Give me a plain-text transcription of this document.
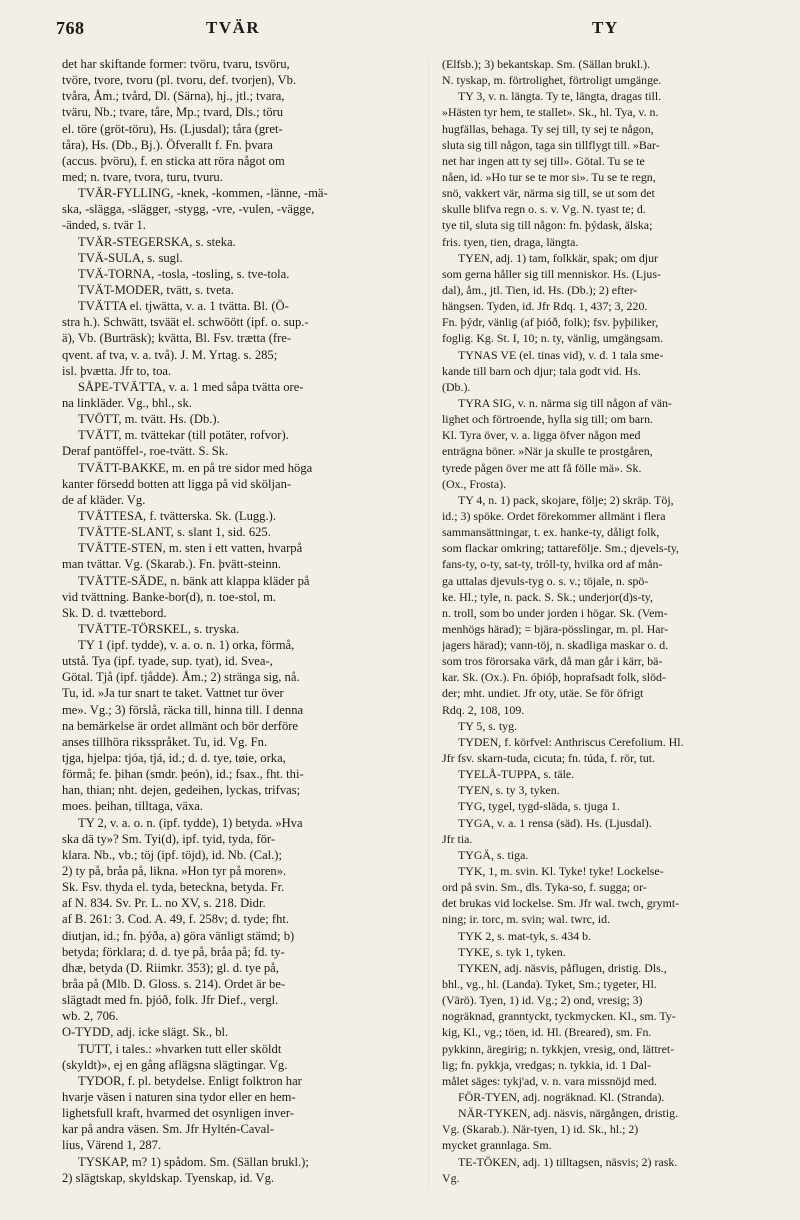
768	TVÄR	TY
det har skiftande former: tvöru, tvaru, tsvöru,
tvöre, tvore, tvoru (pl. tvoru, def. tvorjen), Vb.
tvåra, Åm.; tvård, Dl. (Särna), hj., jtl.; tvara,
tväru, Nb.; tvare, tåre, Mp.; tvard, Dls.; töru
el. töre (gröt-töru), Hs. (Ljusdal); tåra (gret-
tåra), Hs. (Db., Bj.). Öfverallt f. Fn. þvara
(accus. þvöru), f. en sticka att röra något om
med; n. tvare, tvora, turu, tvuru.
TVÄR-FYLLING, -knek, -kommen, -länne, -mä-
ska, -slägga, -slägger, -stygg, -vre, -vulen, -vägge,
-änded, s. tvär 1.
TVÄR-STEGERSKA, s. steka.
TVÄ-SULA, s. sugl.
TVÄ-TORNA, -tosla, -tosling, s. tve-tola.
TVÄT-MODER, tvätt, s. tveta.
TVÄTTA el. tjwätta, v. a. 1 tvätta. Bl. (Ö-
stra h.). Schwätt, tsväät el. schwöött (ipf. o. sup.-
ä), Vb. (Burträsk); kvätta, Bl. Fsv. trætta (fre-
qvent. af tva, v. a. två). J. M. Yrtag. s. 285;
isl. þvætta. Jfr to, toa.
SÅPE-TVÄTTA, v. a. 1 med såpa tvätta ore-
na linkläder. Vg., bhl., sk.
TVÖTT, m. tvätt. Hs. (Db.).
TVÄTT, m. tvättekar (till potäter, rofvor).
Deraf pantöffel-, roe-tvätt. S. Sk.
TVÄTT-BAKKE, m. en på tre sidor med höga
kanter försedd botten att ligga på vid sköljan-
de af kläder. Vg.
TVÄTTESA, f. tvätterska. Sk. (Lugg.).
TVÄTTE-SLANT, s. slant 1, sid. 625.
TVÄTTE-STEN, m. sten i ett vatten, hvarpå
man tvättar. Vg. (Skarab.). Fn. þvätt-steinn.
TVÄTTE-SÄDE, n. bänk att klappa kläder på
vid tvättning. Banke-bor(d), n. toe-stol, m.
Sk. D. d. tvættebord.
TVÄTTE-TÖRSKEL, s. tryska.
TY 1 (ipf. tydde), v. a. o. n. 1) orka, förmå,
utstå. Tya (ipf. tyade, sup. tyat), id. Svea-,
Götal. Tjå (ipf. tjådde). Åm.; 2) stränga sig, nå.
Tu, id. »Ja tur snart te taket. Vattnet tur över
me». Vg.; 3) förslå, räcka till, hinna till. I denna
na bemärkelse är ordet allmänt och bör derföre
anses tillhöra riksspråket. Tu, id. Vg. Fn.
tjga, hjelpa: tjóa, tjá, id.; d. d. tye, tøie, orka,
förmå; fe. þihan (smdr. þeón), id.; fsax., fht. thi-
han, thian; nht. dejen, gedeihen, lyckas, trifvas;
moes. þeihan, tilltaga, växa.
TY 2, v. a. o. n. (ipf. tydde), 1) betyda. »Hva
ska dä ty»? Sm. Tyi(d), ipf. tyid, tyda, för-
klara. Nb., vb.; töj (ipf. töjd), id. Nb. (Cal.);
2) ty på, bråa på, likna. »Hon tyr på moren».
Sk. Fsv. thyda el. tyda, beteckna, betyda. Fr.
af N. 834. Sv. Pr. L. no XV, s. 218. Didr.
af B. 261: 3. Cod. A. 49, f. 258v; d. tyde; fht.
diutjan, id.; fn. þýða, a) göra vänligt stämd; b)
betyda; förklara; d. d. tye på, bråa på; fd. ty-
dhæ, betyda (D. Riimkr. 353); gl. d. tye på,
bråa på (Mlb. D. Gloss. s. 214). Ordet är be-
slägtadt med fn. þjóð, folk. Jfr Dief., vergl.
wb. 2, 706.
O-TYDD, adj. icke slägt. Sk., bl.
TUTT, i tales.: »hvarken tutt eller sköldt
(skyldt)», ej en gång aflägsna slägtingar. Vg.
TYDOR, f. pl. betydelse. Enligt folktron har
hvarje väsen i naturen sina tydor eller en hem-
lighetsfull kraft, hvarmed det osynligen inver-
kar på andra väsen. Sm. Jfr Hyltén-Caval-
lius, Värend 1, 287.
TYSKAP, m? 1) spådom. Sm. (Sällan brukl.);
2) slägtskap, skyldskap. Tyenskap, id. Vg.
(Elfsb.); 3) bekantskap. Sm. (Sällan brukl.).
N. tyskap, m. förtrolighet, förtroligt umgänge.
TY 3, v. n. längta. Ty te, längta, dragas till.
»Hästen tyr hem, te stallet». Sk., hl. Tya, v. n.
hugfällas, behaga. Ty sej till, ty sej te någon,
sluta sig till någon, taga sin tillflygt till. »Bar-
net har ingen att ty sej till». Götal. Tu se te
nåen, id. »Ho tur se te mor si». Tu se te regn,
snö, vakkert vär, närma sig till, se ut som det
skulle blifva regn o. s. v. Vg. N. tyast te; d.
tye til, sluta sig till någon: fn. þýdask, älska;
fris. tyen, tien, draga, längta.
TYEN, adj. 1) tam, folkkär, spak; om djur
som gerna håller sig till menniskor. Hs. (Ljus-
dal), åm., jtl. Tien, id. Hs. (Db.); 2) efter-
hängsen. Tyden, id. Jfr Rdq. 1, 437; 3, 220.
Fn. þýdr, vänlig (af þióð, folk); fsv. þyþiliker,
foglig. Kg. St. I, 10; n. ty, vänlig, umgängsam.
TYNAS VE (el. tinas vid), v. d. 1 tala sme-
kande till barn och djur; tala godt vid. Hs.
(Db.).
TYRA SIG, v. n. närma sig till någon af vän-
lighet och förtroende, hylla sig till; om barn.
Kl. Tyra över, v. a. ligga öfver någon med
enträgna böner. »När ja skulle te prostgåren,
tyrede pågen över me att få fölle mä». Sk.
(Ox., Frosta).
TY 4, n. 1) pack, skojare, följe; 2) skräp. Töj,
id.; 3) spöke. Ordet förekommer allmänt i flera
sammansättningar, t. ex. hanke-ty, dåligt folk,
som flackar omkring; tattarefölje. Sm.; djevels-ty,
fans-ty, o-ty, sat-ty, tróll-ty, hvilka ord af mån-
ga uttalas djevuls-tyg o. s. v.; töjale, n. spö-
ke. Hl.; tyle, n. pack. S. Sk.; underjor(d)s-ty,
n. troll, som bo under jorden i högar. Sk. (Vem-
menhögs härad); = bjära-pösslingar, m. pl. Har-
jagers härad); vann-töj, n. skadliga maskar o. d.
som tros förorsaka värk, då man går i kärr, bä-
kar. Sk. (Ox.). Fn. óþióþ, hoprafsadt folk, slöd-
der; mht. undiet. Jfr oty, utäe. Se för öfrigt
Rdq. 2, 108, 109.
TY 5, s. tyg.
TYDEN, f. körfvel: Anthriscus Cerefolium. Hl.
Jfr fsv. skarn-tuda, cicuta; fn. túda, f. rör, tut.
TYELÅ-TUPPA, s. täle.
TYEN, s. ty 3, tyken.
TYG, tygel, tygd-släda, s. tjuga 1.
TYGA, v. a. 1 rensa (säd). Hs. (Ljusdal).
Jfr tia.
TYGÄ, s. tiga.
TYK, 1, m. svin. Kl. Tyke! tyke! Lockelse-
ord på svin. Sm., dls. Tyka-so, f. sugga; or-
det brukas vid lockelse. Sm. Jfr wal. twch, grymt-
ning; ir. torc, m. svin; wal. twrc, id.
TYK 2, s. mat-tyk, s. 434 b.
TYKE, s. tyk 1, tyken.
TYKEN, adj. näsvis, påflugen, dristig. Dls.,
bhl., vg., hl. (Landa). Tyket, Sm.; tygeter, Hl.
(Värö). Tyen, 1) id. Vg.; 2) ond, vresig; 3)
nogräknad, granntyckt, tyckmycken. Kl., sm. Ty-
kig, Kl., vg.; töen, id. Hl. (Breared), sm. Fn.
pykkinn, äregirig; n. tykkjen, vresig, ond, lättret-
lig; fn. pykkja, vredgas; n. tykkia, id. 1 Dal-
målet säges: tykj'ad, v. n. vara missnöjd med.
FÖR-TYEN, adj. nogräknad. Kl. (Stranda).
NÄR-TYKEN, adj. näsvis, närgången, dristig.
Vg. (Skarab.). När-tyen, 1) id. Sk., hl.; 2)
mycket grannlaga. Sm.
TE-TÖKEN, adj. 1) tilltagsen, näsvis; 2) rask.
Vg.
